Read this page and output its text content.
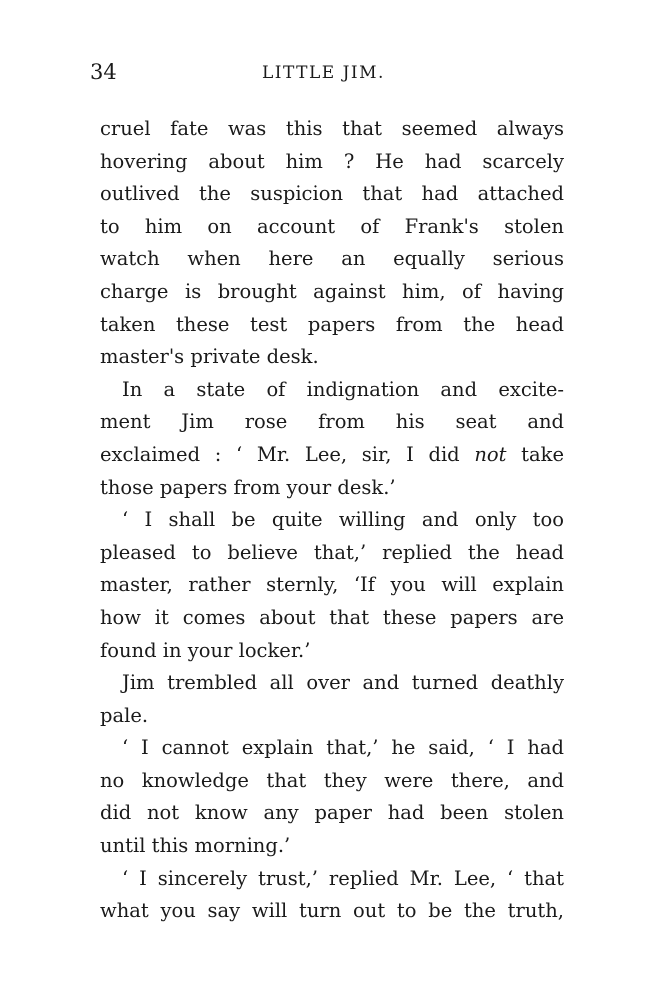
34	LITTLE JIM.
cruel fate was this that seemed always
hovering about him ? He had scarcely
outlived the suspicion that had attached
to him on account of Frank's stolen
watch when here an equally serious
charge is brought against him, of having
taken these test papers from the head
master's private desk.
In a state of indignation and excite-
ment Jim rose from his seat and
exclaimed : ‘ Mr. Lee, sir, I did not take
those papers from your desk.’
‘ I shall be quite willing and only too
pleased to believe that,’ replied the head
master, rather sternly, ‘If you will explain
how it comes about that these papers are
found in your locker.’
Jim trembled all over and turned deathly
pale.
‘ I cannot explain that,’ he said, ‘ I had
no knowledge that they were there, and
did not know any paper had been stolen
until this morning.’
‘ I sincerely trust,’ replied Mr. Lee, ‘ that
what you say will turn out to be the truth,
